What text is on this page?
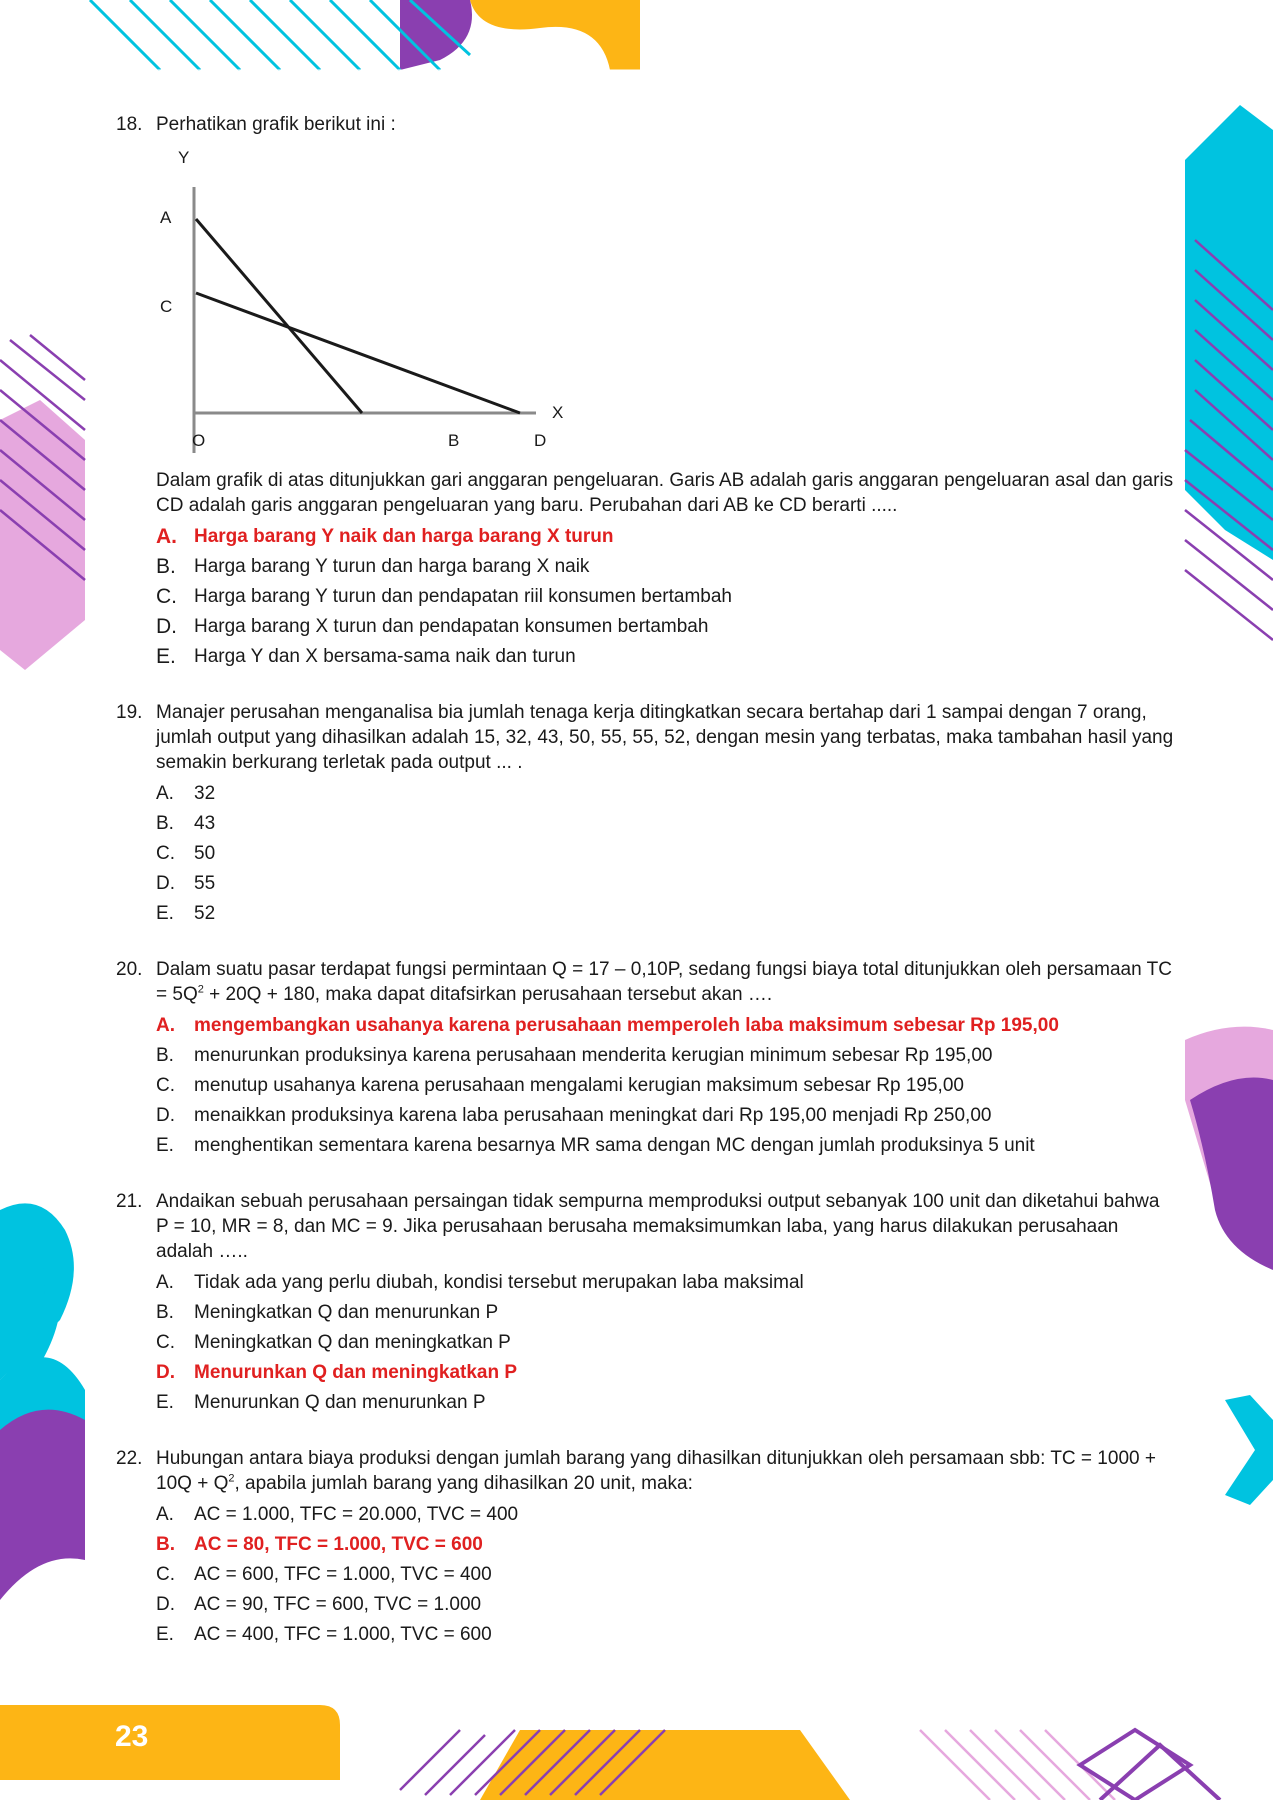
18. Perhatikan grafik berikut ini :

Y
A
C
X
O	B	D

Dalam grafik di atas ditunjukkan gari anggaran pengeluaran. Garis AB adalah garis anggaran pengeluaran asal dan garis CD adalah garis anggaran pengeluaran yang baru. Perubahan dari AB ke CD berarti .....

A. Harga barang Y naik dan harga barang X turun
B. Harga barang Y turun dan harga barang X naik
C. Harga barang Y turun dan pendapatan riil konsumen bertambah
D. Harga barang X turun dan pendapatan konsumen bertambah
E. Harga Y dan X bersama-sama naik dan turun
19. Manajer perusahan menganalisa bia jumlah tenaga kerja ditingkatkan secara bertahap dari 1 sampai dengan 7 orang, jumlah output yang dihasilkan adalah 15, 32, 43, 50, 55, 55, 52, dengan mesin yang terbatas, maka tambahan hasil yang semakin berkurang terletak pada output ... .

A. 32
B. 43
C. 50
D. 55
E. 52
20. Dalam suatu pasar terdapat fungsi permintaan Q = 17 – 0,10P, sedang fungsi biaya total ditunjukkan oleh persamaan TC = $5Q^2 + 20Q + 180$, maka dapat ditafsirkan perusahaan tersebut akan ….

A. mengembangkan usahanya karena perusahaan memperoleh laba maksimum sebesar Rp 195,00
B. menurunkan produksinya karena perusahaan menderita kerugian minimum sebesar Rp 195,00
C. menutup usahanya karena perusahaan mengalami kerugian maksimum sebesar Rp 195,00
D. menaikkan produksinya karena laba perusahaan meningkat dari Rp 195,00 menjadi Rp 250,00
E. menghentikan sementara karena besarnya MR sama dengan MC dengan jumlah produksinya 5 unit
21. Andaikan sebuah perusahaan persaingan tidak sempurna memproduksi output sebanyak 100 unit dan diketahui bahwa P = 10, MR = 8, dan MC = 9. Jika perusahaan berusaha memaksimumkan laba, yang harus dilakukan perusahaan adalah …..

A. Tidak ada yang perlu diubah, kondisi tersebut merupakan laba maksimal
B. Meningkatkan Q dan menurunkan P
C. Meningkatkan Q dan meningkatkan P
D. Menurunkan Q dan meningkatkan P
E. Menurunkan Q dan menurunkan P
22. Hubungan antara biaya produksi dengan jumlah barang yang dihasilkan ditunjukkan oleh persamaan sbb: TC = $1000 + 10Q + Q^2$, apabila jumlah barang yang dihasilkan 20 unit, maka:

A. AC = 1.000, TFC = 20.000, TVC = 400
B. AC = 80, TFC = 1.000, TVC = 600
C. AC = 600, TFC = 1.000, TVC = 400
D. AC = 90, TFC = 600, TVC = 1.000
E. AC = 400, TFC = 1.000, TVC = 600
23
